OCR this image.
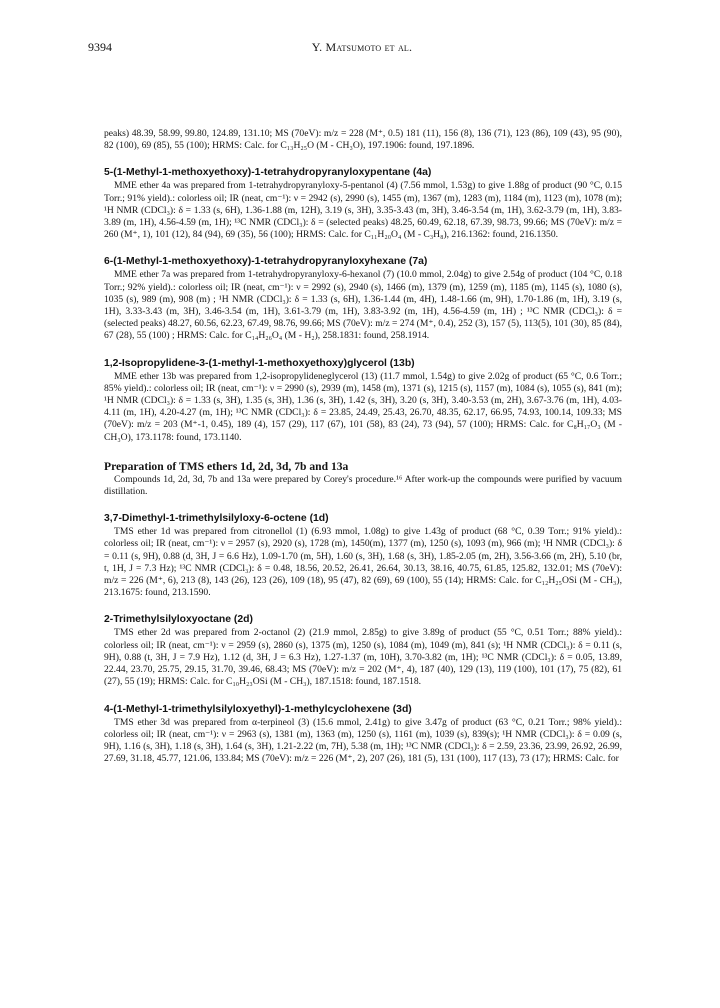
9394	Y. Matsumoto et al.

peaks) 48.39, 58.99, 99.80, 124.89, 131.10; MS (70eV): m/z = 228 (M⁺, 0.5) 181 (11), 156 (8), 136 (71), 123 (86), 109 (43), 95 (90), 82 (100), 69 (85), 55 (100); HRMS: Calc. for C₁₃H₂₅O (M - CH₃O), 197.1906: found, 197.1896.

5-(1-Methyl-1-methoxyethoxy)-1-tetrahydropyranyloxypentane (4a)

MME ether 4a was prepared from 1-tetrahydropyranyloxy-5-pentanol (4) (7.56 mmol, 1.53g) to give 1.88g of product (90 °C, 0.15 Torr.; 91% yield).: colorless oil; IR (neat, cm⁻¹): ν = 2942 (s), 2990 (s), 1455 (m), 1367 (m), 1283 (m), 1184 (m), 1123 (m), 1078 (m); ¹H NMR (CDCl₃): δ = 1.33 (s, 6H), 1.36-1.88 (m, 12H), 3.19 (s, 3H), 3.35-3.43 (m, 3H), 3.46-3.54 (m, 1H), 3.62-3.79 (m, 1H), 3.83-3.89 (m, 1H), 4.56-4.59 (m, 1H); ¹³C NMR (CDCl₃): δ = (selected peaks) 48.25, 60.49, 62.18, 67.39, 98.73, 99.66; MS (70eV): m/z = 260 (M⁺, 1), 101 (12), 84 (94), 69 (35), 56 (100); HRMS: Calc. for C₁₁H₂₀O₄ (M - C₃H₈), 216.1362: found, 216.1350.

6-(1-Methyl-1-methoxyethoxy)-1-tetrahydropyranyloxyhexane (7a)

MME ether 7a was prepared from 1-tetrahydropyranyloxy-6-hexanol (7) (10.0 mmol, 2.04g) to give 2.54g of product (104 °C, 0.18 Torr.; 92% yield).: colorless oil; IR (neat, cm⁻¹): ν = 2992 (s), 2940 (s), 1466 (m), 1379 (m), 1259 (m), 1185 (m), 1145 (s), 1080 (s), 1035 (s), 989 (m), 908 (m) ; ¹H NMR (CDCl₃): δ = 1.33 (s, 6H), 1.36-1.44 (m, 4H), 1.48-1.66 (m, 9H), 1.70-1.86 (m, 1H), 3.19 (s, 1H), 3.33-3.43 (m, 3H), 3.46-3.54 (m, 1H), 3.61-3.79 (m, 1H), 3.83-3.92 (m, 1H), 4.56-4.59 (m, 1H) ; ¹³C NMR (CDCl₃): δ = (selected peaks) 48.27, 60.56, 62.23, 67.49, 98.76, 99.66; MS (70eV): m/z = 274 (M⁺, 0.4), 252 (3), 157 (5), 113(5), 101 (30), 85 (84), 67 (28), 55 (100) ; HRMS: Calc. for C₁₄H₂₆O₄ (M - H₂), 258.1831: found, 258.1914.

1,2-Isopropylidene-3-(1-methyl-1-methoxyethoxy)glycerol (13b)

MME ether 13b was prepared from 1,2-isopropylideneglycerol (13) (11.7 mmol, 1.54g) to give 2.02g of product (65 °C, 0.6 Torr.; 85% yield).: colorless oil; IR (neat, cm⁻¹): ν = 2990 (s), 2939 (m), 1458 (m), 1371 (s), 1215 (s), 1157 (m), 1084 (s), 1055 (s), 841 (m); ¹H NMR (CDCl₃): δ = 1.33 (s, 3H), 1.35 (s, 3H), 1.36 (s, 3H), 1.42 (s, 3H), 3.20 (s, 3H), 3.40-3.53 (m, 2H), 3.67-3.76 (m, 1H), 4.03-4.11 (m, 1H), 4.20-4.27 (m, 1H); ¹³C NMR (CDCl₃): δ = 23.85, 24.49, 25.43, 26.70, 48.35, 62.17, 66.95, 74.93, 100.14, 109.33; MS (70eV): m/z = 203 (M⁺-1, 0.45), 189 (4), 157 (29), 117 (67), 101 (58), 83 (24), 73 (94), 57 (100); HRMS: Calc. for C₈H₁₇O₃ (M - CH₃O), 173.1178: found, 173.1140.

Preparation of TMS ethers 1d, 2d, 3d, 7b and 13a

Compounds 1d, 2d, 3d, 7b and 13a were prepared by Corey's procedure.¹⁶ After work-up the compounds were purified by vacuum distillation.

3,7-Dimethyl-1-trimethylsilyloxy-6-octene (1d)

TMS ether 1d was prepared from citronellol (1) (6.93 mmol, 1.08g) to give 1.43g of product (68 °C, 0.39 Torr.; 91% yield).: colorless oil; IR (neat, cm⁻¹): ν = 2957 (s), 2920 (s), 1728 (m), 1450(m), 1377 (m), 1250 (s), 1093 (m), 966 (m); ¹H NMR (CDCl₃): δ = 0.11 (s, 9H), 0.88 (d, 3H, J = 6.6 Hz), 1.09-1.70 (m, 5H), 1.60 (s, 3H), 1.68 (s, 3H), 1.85-2.05 (m, 2H), 3.56-3.66 (m, 2H), 5.10 (br, t, 1H, J = 7.3 Hz); ¹³C NMR (CDCl₃): δ = 0.48, 18.56, 20.52, 26.41, 26.64, 30.13, 38.16, 40.75, 61.85, 125.82, 132.01; MS (70eV): m/z = 226 (M⁺, 6), 213 (8), 143 (26), 123 (26), 109 (18), 95 (47), 82 (69), 69 (100), 55 (14); HRMS: Calc. for C₁₂H₂₅OSi (M - CH₃), 213.1675: found, 213.1590.

2-Trimethylsilyloxyoctane (2d)

TMS ether 2d was prepared from 2-octanol (2) (21.9 mmol, 2.85g) to give 3.89g of product (55 °C, 0.51 Torr.; 88% yield).: colorless oil; IR (neat, cm⁻¹): ν = 2959 (s), 2860 (s), 1375 (m), 1250 (s), 1084 (m), 1049 (m), 841 (s); ¹H NMR (CDCl₃): δ = 0.11 (s, 9H), 0.88 (t, 3H, J = 7.9 Hz), 1.12 (d, 3H, J = 6.3 Hz), 1.27-1.37 (m, 10H), 3.70-3.82 (m, 1H); ¹³C NMR (CDCl₃): δ = 0.05, 13.89, 22.44, 23.70, 25.75, 29.15, 31.70, 39.46, 68.43; MS (70eV): m/z = 202 (M⁺, 4), 187 (40), 129 (13), 119 (100), 101 (17), 75 (82), 61 (27), 55 (19); HRMS: Calc. for C₁₀H₂₃OSi (M - CH₃), 187.1518: found, 187.1518.

4-(1-Methyl-1-trimethylsilyloxyethyl)-1-methylcyclohexene (3d)

TMS ether 3d was prepared from α-terpineol (3) (15.6 mmol, 2.41g) to give 3.47g of product (63 °C, 0.21 Torr.; 98% yield).: colorless oil; IR (neat, cm⁻¹): ν = 2963 (s), 1381 (m), 1363 (m), 1250 (s), 1161 (m), 1039 (s), 839(s); ¹H NMR (CDCl₃): δ = 0.09 (s, 9H), 1.16 (s, 3H), 1.18 (s, 3H), 1.64 (s, 3H), 1.21-2.22 (m, 7H), 5.38 (m, 1H); ¹³C NMR (CDCl₃): δ = 2.59, 23.36, 23.99, 26.92, 26.99, 27.69, 31.18, 45.77, 121.06, 133.84; MS (70eV): m/z = 226 (M⁺, 2), 207 (26), 181 (5), 131 (100), 117 (13), 73 (17); HRMS: Calc. for
